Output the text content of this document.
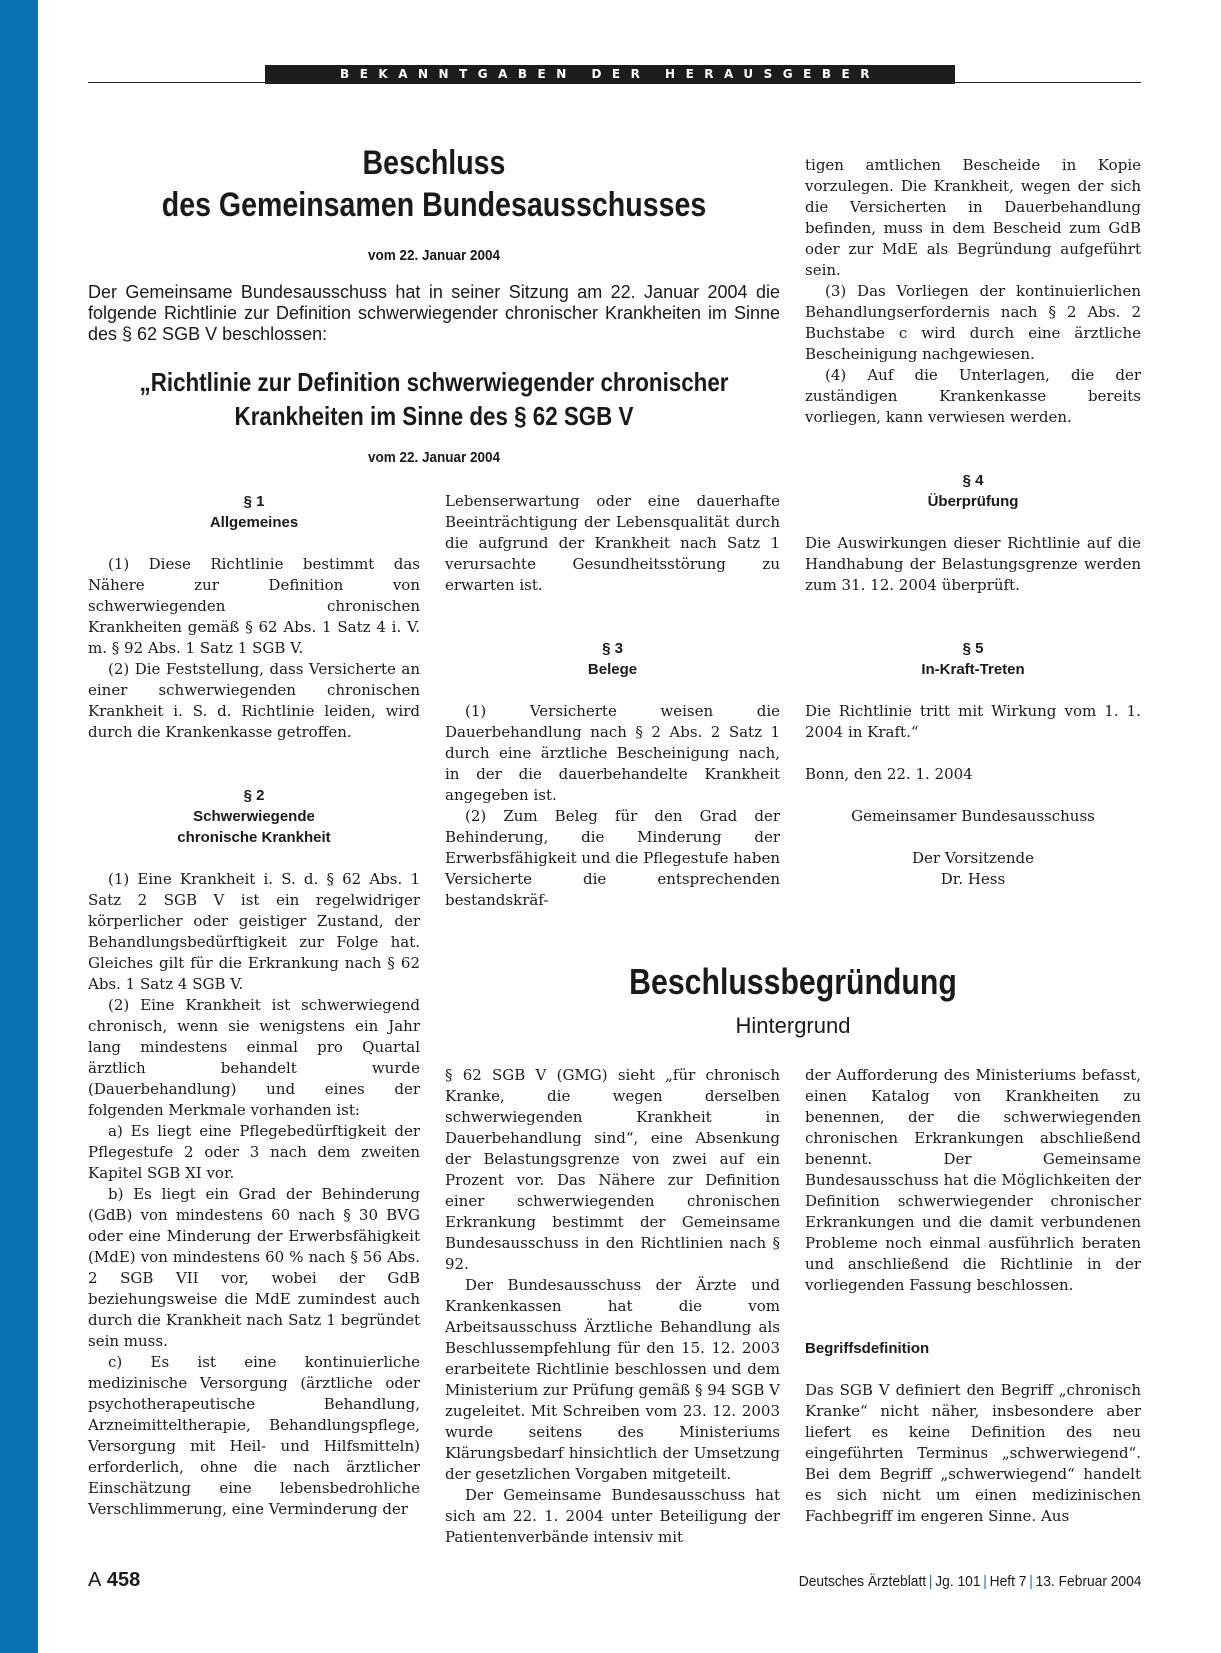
BEKANNTGABEN DER HERAUSGEBER
Beschluss
des Gemeinsamen Bundesausschusses
vom 22. Januar 2004
Der Gemeinsame Bundesausschuss hat in seiner Sitzung am 22. Januar 2004 die folgende Richtlinie zur Definition schwerwiegender chronischer Krankheiten im Sinne des § 62 SGB V beschlossen:
„Richtlinie zur Definition schwerwiegender chronischer
Krankheiten im Sinne des § 62 SGB V
vom 22. Januar 2004
§ 1
Allgemeines

(1) Diese Richtlinie bestimmt das Nähere zur Definition von schwerwiegenden chronischen Krankheiten gemäß § 62 Abs. 1 Satz 4 i. V. m. § 92 Abs. 1 Satz 1 SGB V.

(2) Die Feststellung, dass Versicherte an einer schwerwiegenden chronischen Krankheit i. S. d. Richtlinie leiden, wird durch die Krankenkasse getroffen.

§ 2
Schwerwiegende
chronische Krankheit

(1) Eine Krankheit i. S. d. § 62 Abs. 1 Satz 2 SGB V ist ein regelwidriger körperlicher oder geistiger Zustand, der Behandlungsbedürftigkeit zur Folge hat. Gleiches gilt für die Erkrankung nach § 62 Abs. 1 Satz 4 SGB V.

(2) Eine Krankheit ist schwerwiegend chronisch, wenn sie wenigstens ein Jahr lang mindestens einmal pro Quartal ärztlich behandelt wurde (Dauerbehandlung) und eines der folgenden Merkmale vorhanden ist:

a) Es liegt eine Pflegebedürftigkeit der Pflegestufe 2 oder 3 nach dem zweiten Kapitel SGB XI vor.

b) Es liegt ein Grad der Behinderung (GdB) von mindestens 60 nach § 30 BVG oder eine Minderung der Erwerbsfähigkeit (MdE) von mindestens 60 % nach § 56 Abs. 2 SGB VII vor, wobei der GdB beziehungsweise die MdE zumindest auch durch die Krankheit nach Satz 1 begründet sein muss.

c) Es ist eine kontinuierliche medizinische Versorgung (ärztliche oder psychotherapeutische Behandlung, Arzneimitteltherapie, Behandlungspflege, Versorgung mit Heil- und Hilfsmitteln) erforderlich, ohne die nach ärztlicher Einschätzung eine lebensbedrohliche Verschlimmerung, eine Verminderung der

Lebenserwartung oder eine dauerhafte Beeinträchtigung der Lebensqualität durch die aufgrund der Krankheit nach Satz 1 verursachte Gesundheitsstörung zu erwarten ist.

§ 3
Belege

(1) Versicherte weisen die Dauerbehandlung nach § 2 Abs. 2 Satz 1 durch eine ärztliche Bescheinigung nach, in der die dauerbehandelte Krankheit angegeben ist.

(2) Zum Beleg für den Grad der Behinderung, die Minderung der Erwerbsfähigkeit und die Pflegestufe haben Versicherte die entsprechenden bestandskräf-

tigen amtlichen Bescheide in Kopie vorzulegen. Die Krankheit, wegen der sich die Versicherten in Dauerbehandlung befinden, muss in dem Bescheid zum GdB oder zur MdE als Begründung aufgeführt sein.

(3) Das Vorliegen der kontinuierlichen Behandlungserfordernis nach § 2 Abs. 2 Buchstabe c wird durch eine ärztliche Bescheinigung nachgewiesen.

(4) Auf die Unterlagen, die der zuständigen Krankenkasse bereits vorliegen, kann verwiesen werden.

§ 4
Überprüfung

Die Auswirkungen dieser Richtlinie auf die Handhabung der Belastungsgrenze werden zum 31. 12. 2004 überprüft.

§ 5
In-Kraft-Treten

Die Richtlinie tritt mit Wirkung vom 1. 1. 2004 in Kraft.“

Bonn, den 22. 1. 2004

Gemeinsamer Bundesausschuss

Der Vorsitzende

Dr. Hess

Beschlussbegründung
Hintergrund

§ 62 SGB V (GMG) sieht „für chronisch Kranke, die wegen derselben schwerwiegenden Krankheit in Dauerbehandlung sind“, eine Absenkung der Belastungsgrenze von zwei auf ein Prozent vor. Das Nähere zur Definition einer schwerwiegenden chronischen Erkrankung bestimmt der Gemeinsame Bundesausschuss in den Richtlinien nach § 92.

Der Bundesausschuss der Ärzte und Krankenkassen hat die vom Arbeitsausschuss Ärztliche Behandlung als Beschlussempfehlung für den 15. 12. 2003 erarbeitete Richtlinie beschlossen und dem Ministerium zur Prüfung gemäß § 94 SGB V zugeleitet. Mit Schreiben vom 23. 12. 2003 wurde seitens des Ministeriums Klärungsbedarf hinsichtlich der Umsetzung der gesetzlichen Vorgaben mitgeteilt.

Der Gemeinsame Bundesausschuss hat sich am 22. 1. 2004 unter Beteiligung der Patientenverbände intensiv mit

der Aufforderung des Ministeriums befasst, einen Katalog von Krankheiten zu benennen, der die schwerwiegenden chronischen Erkrankungen abschließend benennt. Der Gemeinsame Bundesausschuss hat die Möglichkeiten der Definition schwerwiegender chronischer Erkrankungen und die damit verbundenen Probleme noch einmal ausführlich beraten und anschließend die Richtlinie in der vorliegenden Fassung beschlossen.

Begriffsdefinition

Das SGB V definiert den Begriff „chronisch Kranke“ nicht näher, insbesondere aber liefert es keine Definition des neu eingeführten Terminus „schwerwiegend“. Bei dem Begriff „schwerwiegend“ handelt es sich nicht um einen medizinischen Fachbegriff im engeren Sinne. Aus

A 458	Deutsches Ärzteblatt | Jg. 101 | Heft 7 | 13. Februar 2004
